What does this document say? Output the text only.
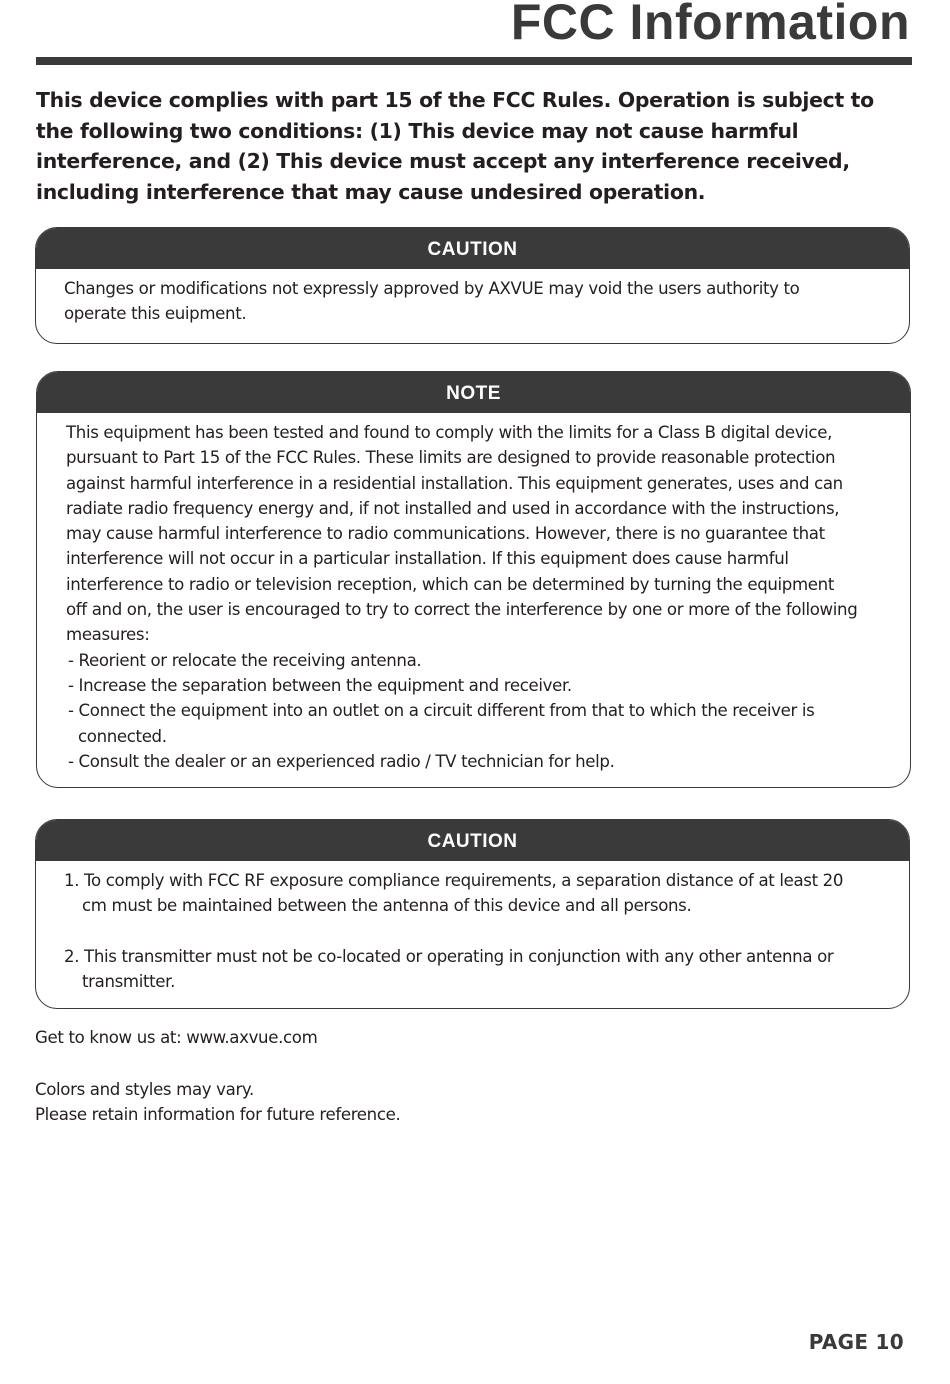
FCC Information

This device complies with part 15 of the FCC Rules. Operation is subject to the following two conditions: (1) This device may not cause harmful interference, and (2) This device must accept any interference received, including interference that may cause undesired operation.

CAUTION
Changes or modifications not expressly approved by AXVUE may void the users authority to
operate this euipment.
NOTE
This equipment has been tested and found to comply with the limits for a Class B digital device,
pursuant to Part 15 of the FCC Rules. These limits are designed to provide reasonable protection
against harmful interference in a residential installation. This equipment generates, uses and can
radiate radio frequency energy and, if not installed and used in accordance with the instructions,
may cause harmful interference to radio communications. However, there is no guarantee that
interference will not occur in a particular installation. If this equipment does cause harmful
interference to radio or television reception, which can be determined by turning the equipment
off and on, the user is encouraged to try to correct the interference by one or more of the following
measures:
- Reorient or relocate the receiving antenna.
- Increase the separation between the equipment and receiver.
- Connect the equipment into an outlet on a circuit different from that to which the receiver is
connected.
- Consult the dealer or an experienced radio / TV technician for help.
CAUTION
1. To comply with FCC RF exposure compliance requirements, a separation distance of at least 20
cm must be maintained between the antenna of this device and all persons.
2. This transmitter must not be co-located or operating in conjunction with any other antenna or
transmitter.
Get to know us at: www.axvue.com
Colors and styles may vary.
Please retain information for future reference.
PAGE 10
